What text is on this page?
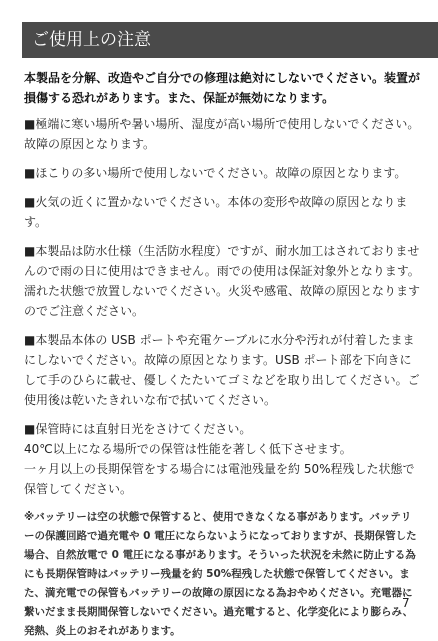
ご使用上の注意

本製品を分解、改造やご自分での修理は絶対にしないでください。装置が損傷する恐れがあります。また、保証が無効になります。

■極端に寒い場所や暑い場所、湿度が高い場所で使用しないでください。故障の原因となります。

■ほこりの多い場所で使用しないでください。故障の原因となります。

■火気の近くに置かないでください。本体の変形や故障の原因となります。

■本製品は防水仕様（生活防水程度）ですが、耐水加工はされておりませんので雨の日に使用はできません。雨での使用は保証対象外となります。濡れた状態で放置しないでください。火災や感電、故障の原因となりますのでご注意ください。

■本製品本体の USB ポートや充電ケーブルに水分や汚れが付着したままにしないでください。故障の原因となります。USB ポート部を下向きにして手のひらに載せ、優しくたたいてゴミなどを取り出してください。ご使用後は乾いたきれいな布で拭いてください。

■保管時には直射日光をさけてください。

40℃以上になる場所での保管は性能を著しく低下させます。

一ヶ月以上の長期保管をする場合には電池残量を約 50%程残した状態で保管してください。

※バッテリーは空の状態で保管すると、使用できなくなる事があります。バッテリーの保護回路で過充電や 0 電圧にならないようになっておりますが、長期保管した場合、自然放電で 0 電圧になる事があります。そういった状況を未然に防止する為にも長期保管時はバッテリー残量を約 50%程残した状態で保管してください。また、満充電での保管もバッテリーの故障の原因になる為おやめください。充電器に繋いだまま長期間保管しないでください。過充電すると、化学変化により膨らみ、発熱、炎上のおそれがあります。

7
